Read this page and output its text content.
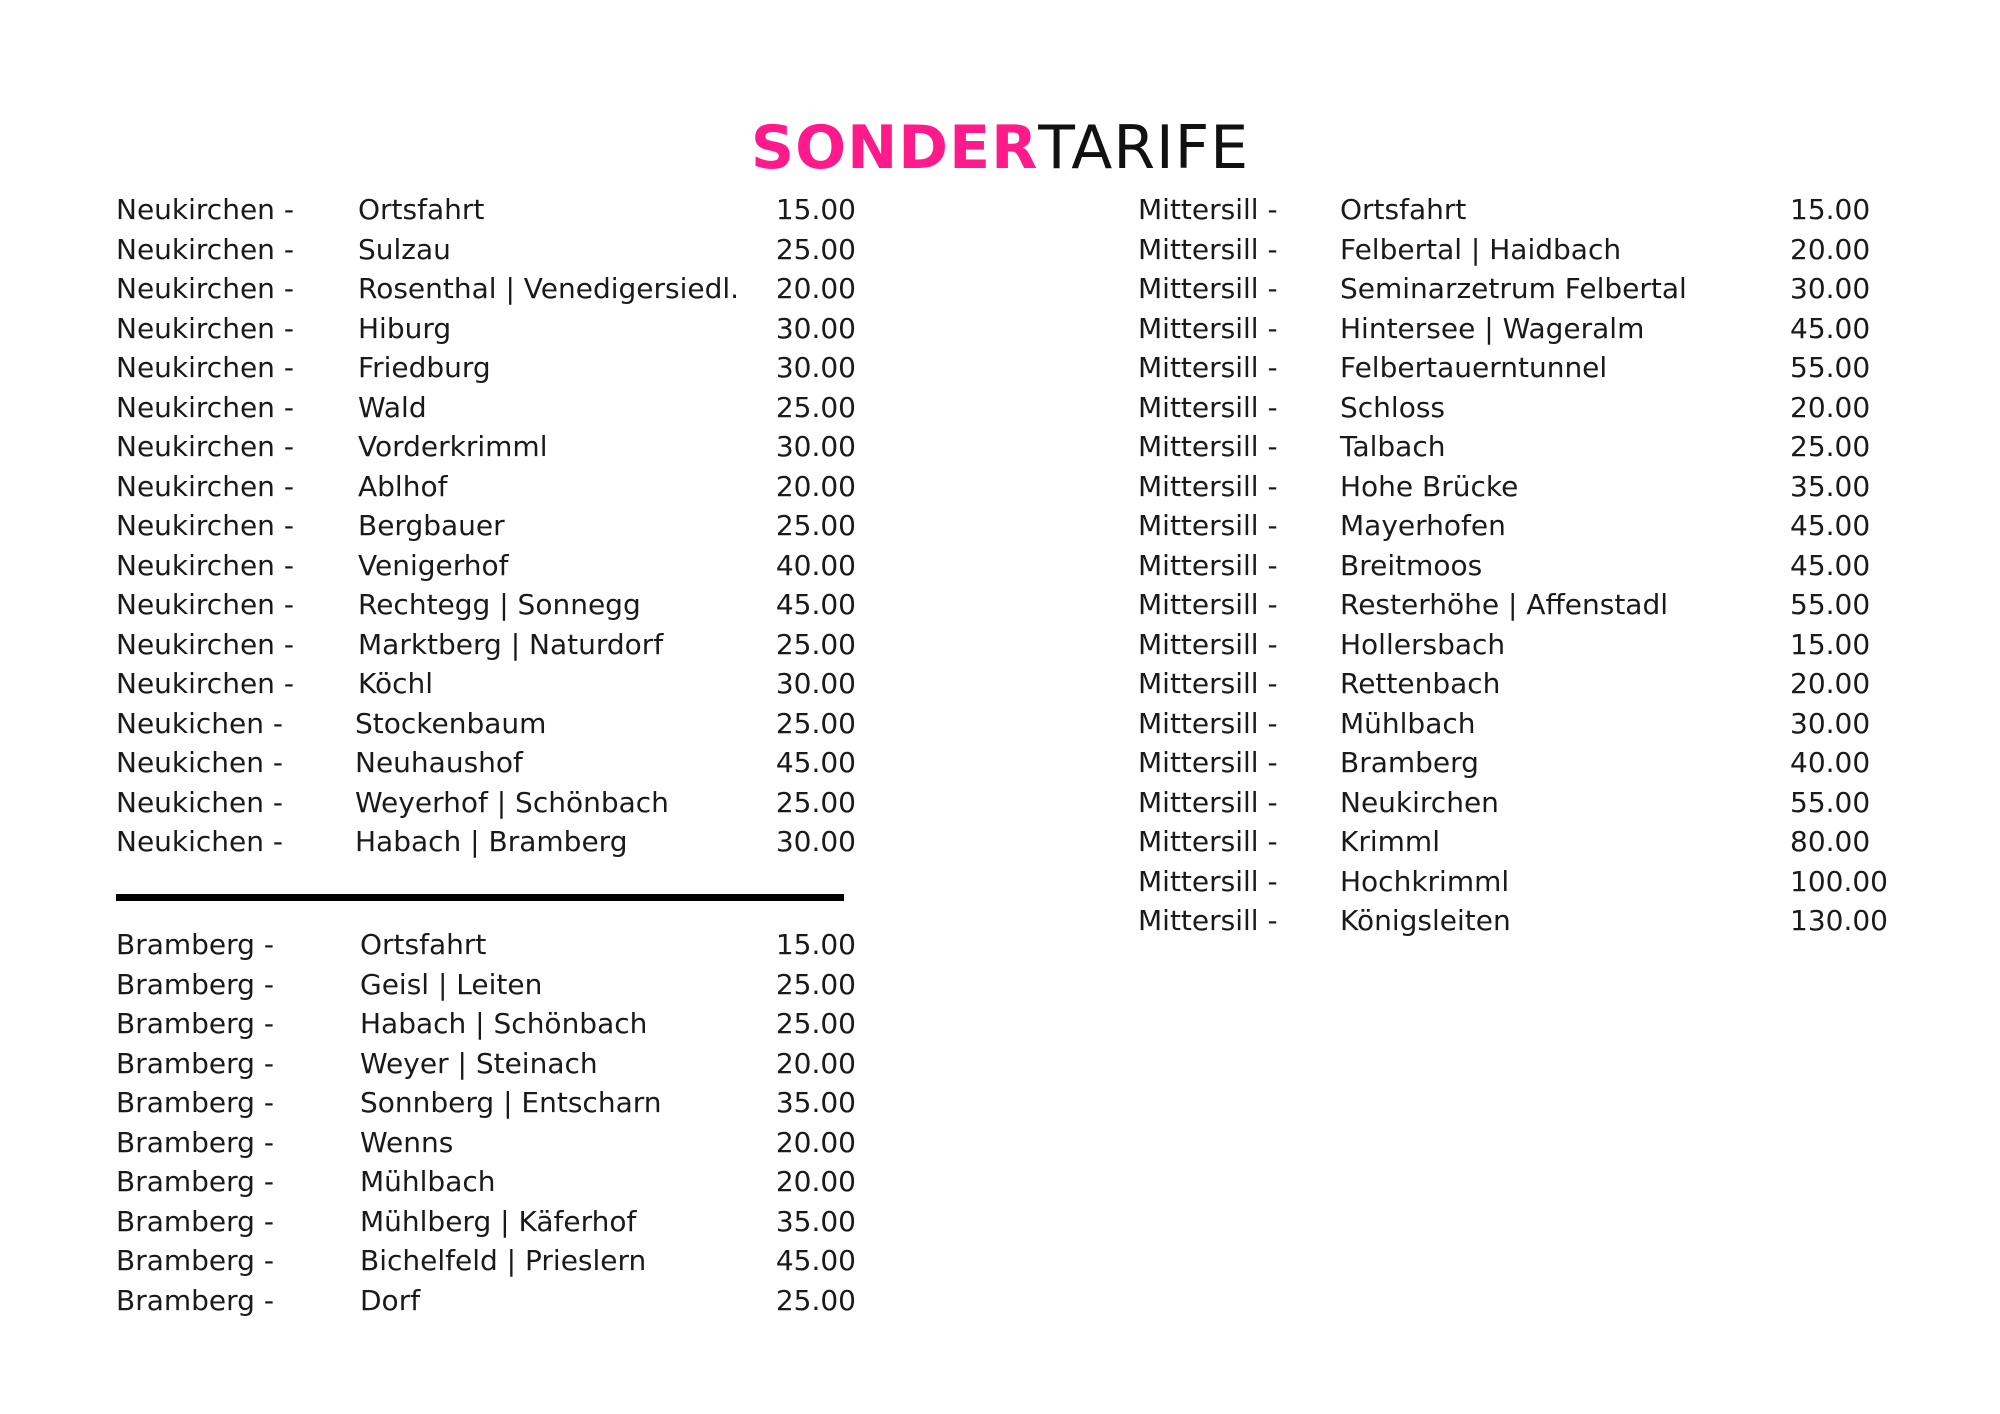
SONDERTARIFE
Neukirchen - Ortsfahrt	15.00
Neukirchen - Sulzau	25.00
Neukirchen - Rosenthal | Venedigersiedl. 20.00
Neukirchen - Hiburg	30.00
Neukirchen - Friedburg	30.00
Neukirchen - Wald	25.00
Neukirchen - Vorderkrimml	30.00
Neukirchen - Ablhof	20.00
Neukirchen - Bergbauer	25.00
Neukirchen - Venigerhof	40.00
Neukirchen - Rechtegg | Sonnegg	45.00
Neukirchen - Marktberg | Naturdorf	25.00
Neukirchen - Köchl	30.00
Neukichen -	Stockenbaum	25.00
Neukichen -	Neuhaushof	45.00
Neukichen -	Weyerhof | Schönbach	25.00
Neukichen -	Habach | Bramberg	30.00
Bramberg -	Ortsfahrt	15.00
Bramberg -	Geisl | Leiten	25.00
Bramberg -	Habach | Schönbach	25.00
Bramberg -	Weyer | Steinach	20.00
Bramberg -	Sonnberg | Entscharn	35.00
Bramberg -	Wenns	20.00
Bramberg -	Mühlbach	20.00
Bramberg -	Mühlberg | Käferhof	35.00
Bramberg -	Bichelfeld | Prieslern	45.00
Bramberg -	Dorf	25.00
Mittersill - Ortsfahrt	15.00
Mittersill - Felbertal | Haidbach	20.00
Mittersill - Seminarzetrum Felbertal	30.00
Mittersill - Hintersee | Wageralm	45.00
Mittersill - Felbertauerntunnel	55.00
Mittersill - Schloss	20.00
Mittersill - Talbach	25.00
Mittersill - Hohe Brücke	35.00
Mittersill - Mayerhofen	45.00
Mittersill - Breitmoos	45.00
Mittersill - Resterhöhe | Affenstadl	55.00
Mittersill - Hollersbach	15.00
Mittersill - Rettenbach	20.00
Mittersill - Mühlbach	30.00
Mittersill - Bramberg	40.00
Mittersill - Neukirchen	55.00
Mittersill - Krimml	80.00
Mittersill - Hochkrimml	100.00
Mittersill - Königsleiten	130.00
